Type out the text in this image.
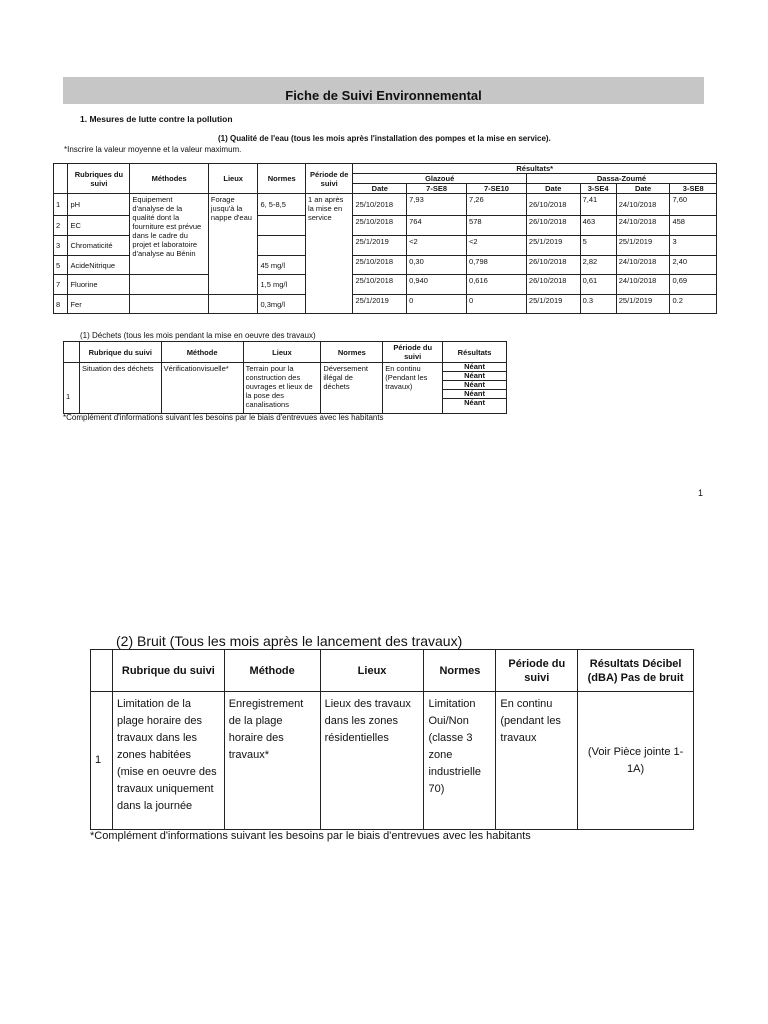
Fiche de Suivi Environnemental
1. Mesures de lutte contre la pollution
(1) Qualité de l'eau (tous les mois après l'installation des pompes et la mise en service).
*Inscrire la valeur moyenne et la valeur maximum.
	Rubriques du suivi	Méthodes	Lieux	Normes	Période de suivi	Résultats*						
						Glazoué			Dassa-Zoumé			
						Date	7-SE8	7-SE10	Date	3-SE4	Date	3-SE8
1	pH	Equipement d'analyse de la qualité dont la fourniture est prévue dans le cadre du projet et laboratoire d'analyse au Bénin	Forage jusqu'à la nappe d'eau	6, 5-8,5	1 an après la mise en service	25/10/2018	7,93	7,26	26/10/2018	7,41	24/10/2018	7,60
2	EC					25/10/2018	764	578	26/10/2018	463	24/10/2018	458
3	Chromaticité					25/1/2019	<2	<2	25/1/2019	5	25/1/2019	3
5	AcideNitrique			45 mg/l		25/10/2018	0,30	0,798	26/10/2018	2,82	24/10/2018	2,40
7	Fluorine			1,5 mg/l		25/10/2018	0,940	0,616	26/10/2018	0,61	24/10/2018	0,69
8	Fer			0,3mg/l		25/1/2019	0	0	25/1/2019	0.3	25/1/2019	0.2
(1) Déchets (tous les mois pendant la mise en oeuvre des travaux)
	Rubrique du suivi	Méthode	Lieux	Normes	Période du suivi	Résultats
1	Situation des déchets	Vérificationvisuelle*	Terrain pour la construction des ouvrages et lieux de la pose des canalisations	Déversement illégal de déchets	En continu (Pendant les travaux)	Néant
						Néant
						Néant
						Néant
						Néant
*Complément d'informations suivant les besoins par le biais d'entrevues avec les habitants
1
(2) Bruit (Tous les mois après le lancement des travaux)
	Rubrique du suivi	Méthode	Lieux	Normes	Période du suivi	Résultats Décibel (dBA) Pas de bruit
1	Limitation de la plage horaire des travaux dans les zones habitées (mise en oeuvre des travaux uniquement dans la journée	Enregistrement de la plage horaire des travaux*	Lieux des travaux dans les zones résidentielles	Limitation Oui/Non (classe 3 zone industrielle 70)	En continu (pendant les travaux	(Voir Pièce jointe 1-1A)
*Complément d'informations suivant les besoins par le biais d'entrevues avec les habitants
